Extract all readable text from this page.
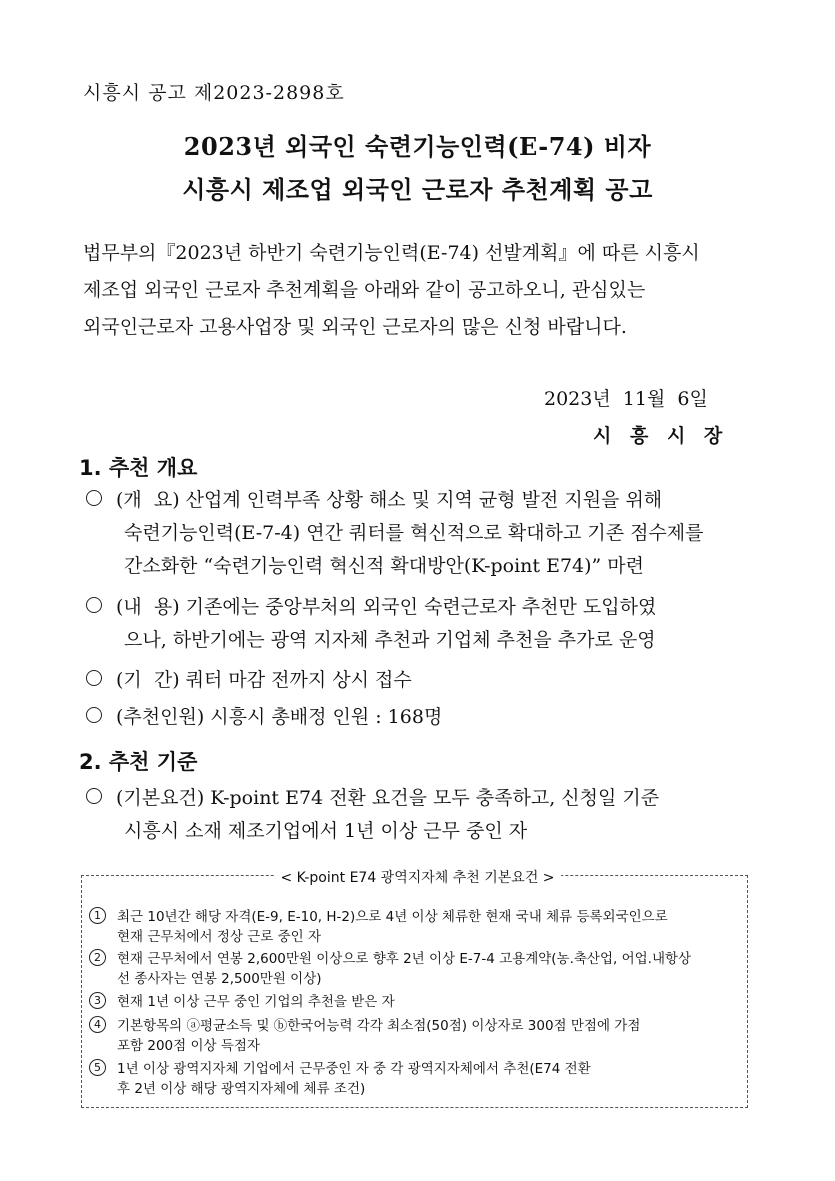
시흥시 공고 제2023-2898호
2023년 외국인 숙련기능인력(E-74) 비자
시흥시 제조업 외국인 근로자 추천계획 공고
법무부의『2023년 하반기 숙련기능인력(E-74) 선발계획』에 따른 시흥시
제조업 외국인 근로자 추천계획을 아래와 같이 공고하오니, 관심있는
외국인근로자 고용사업장 및 외국인 근로자의 많은 신청 바랍니다.
2023년  11월  6일
시 흥 시 장
1. 추천 개요
(개  요) 산업계 인력부족 상황 해소 및 지역 균형 발전 지원을 위해
숙련기능인력(E-7-4) 연간 쿼터를 혁신적으로 확대하고 기존 점수제를
간소화한 “숙련기능인력 혁신적 확대방안(K-point E74)” 마련
(내  용) 기존에는 중앙부처의 외국인 숙련근로자 추천만 도입하였
으나, 하반기에는 광역 지자체 추천과 기업체 추천을 추가로 운영
(기  간) 쿼터 마감 전까지 상시 접수
(추천인원) 시흥시 총배정 인원 : 168명
2. 추천 기준
(기본요건) K-point E74 전환 요건을 모두 충족하고, 신청일 기준
시흥시 소재 제조기업에서 1년 이상 근무 중인 자
< K-point E74 광역지자체 추천 기본요건 >
1	최근 10년간 해당 자격(E-9, E-10, H-2)으로 4년 이상 체류한 현재 국내 체류 등록외국인으로
현재 근무처에서 정상 근로 중인 자
2	현재 근무처에서 연봉 2,600만원 이상으로 향후 2년 이상 E-7-4 고용계약(농.축산업, 어업.내항상
선 종사자는 연봉 2,500만원 이상)
3	현재 1년 이상 근무 중인 기업의 추천을 받은 자
4	기본항목의 ⓐ평균소득 및 ⓑ한국어능력 각각 최소점(50점) 이상자로 300점 만점에 가점
포함 200점 이상 득점자
5	1년 이상 광역지자체 기업에서 근무중인 자 중 각 광역지자체에서 추천(E74 전환
후 2년 이상 해당 광역지자체에 체류 조건)
